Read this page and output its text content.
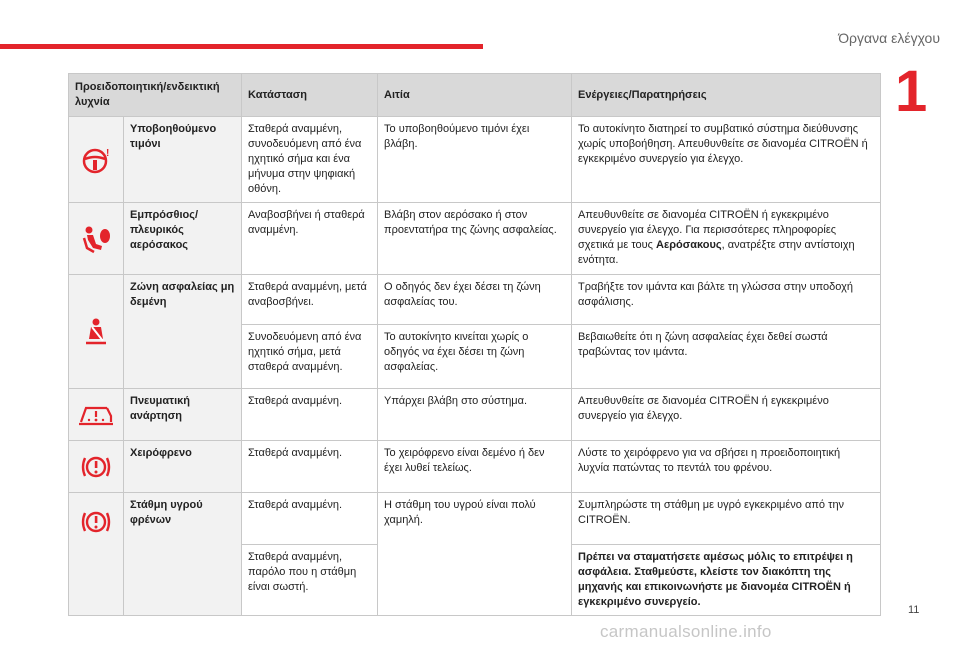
Όργανα ελέγχου
1
Προειδοποιητική/ενδεικτική λυχνία		Κατάσταση	Αιτία	Ενέργειες/Παρατηρήσεις

!	Υποβοηθούμενο τιμόνι	Σταθερά αναμμένη, συνοδευόμενη από ένα ηχητικό σήμα και ένα μήνυμα στην ψηφιακή οθόνη.	Το υποβοηθούμενο τιμόνι έχει βλάβη.	Το αυτοκίνητο διατηρεί το συμβατικό σύστημα διεύθυνσης χωρίς υποβοήθηση. Απευθυνθείτε σε διανομέα CITROËN ή εγκεκριμένο συνεργείο για έλεγχο.

	Εμπρόσθιος/ πλευρικός αερόσακος	Αναβοσβήνει ή σταθερά αναμμένη.	Βλάβη στον αερόσακο ή στον προεντατήρα της ζώνης ασφαλείας.	Απευθυνθείτε σε διανομέα CITROËN ή εγκεκριμένο συνεργείο για έλεγχο. Για περισσότερες πληροφορίες σχετικά με τους Αερόσακους, ανατρέξτε στην αντίστοιχη ενότητα.

	Ζώνη ασφαλείας μη δεμένη	Σταθερά αναμμένη, μετά αναβοσβήνει.	Ο οδηγός δεν έχει δέσει τη ζώνη ασφαλείας του.	Τραβήξτε τον ιμάντα και βάλτε τη γλώσσα στην υποδοχή ασφάλισης.
		Συνοδευόμενη από ένα ηχητικό σήμα, μετά σταθερά αναμμένη.	Το αυτοκίνητο κινείται χωρίς ο οδηγός να έχει δέσει τη ζώνη ασφαλείας.	Βεβαιωθείτε ότι η ζώνη ασφαλείας έχει δεθεί σωστά τραβώντας τον ιμάντα.

	Πνευματική ανάρτηση	Σταθερά αναμμένη.	Υπάρχει βλάβη στο σύστημα.	Απευθυνθείτε σε διανομέα CITROËN ή εγκεκριμένο συνεργείο για έλεγχο.

	Χειρόφρενο	Σταθερά αναμμένη.	Το χειρόφρενο είναι δεμένο ή δεν έχει λυθεί τελείως.	Λύστε το χειρόφρενο για να σβήσει η προειδοποιητική λυχνία πατώντας το πεντάλ του φρένου.

	Στάθμη υγρού φρένων	Σταθερά αναμμένη.	Η στάθμη του υγρού είναι πολύ χαμηλή.	Συμπληρώστε τη στάθμη με υγρό εγκεκριμένο από την CITROËN.
		Σταθερά αναμμένη, παρόλο που η στάθμη είναι σωστή.		Πρέπει να σταματήσετε αμέσως μόλις το επιτρέψει η ασφάλεια. Σταθμεύστε, κλείστε τον διακόπτη της μηχανής και επικοινωνήστε με διανομέα CITROËN ή εγκεκριμένο συνεργείο.
11
carmanualsonline.info
